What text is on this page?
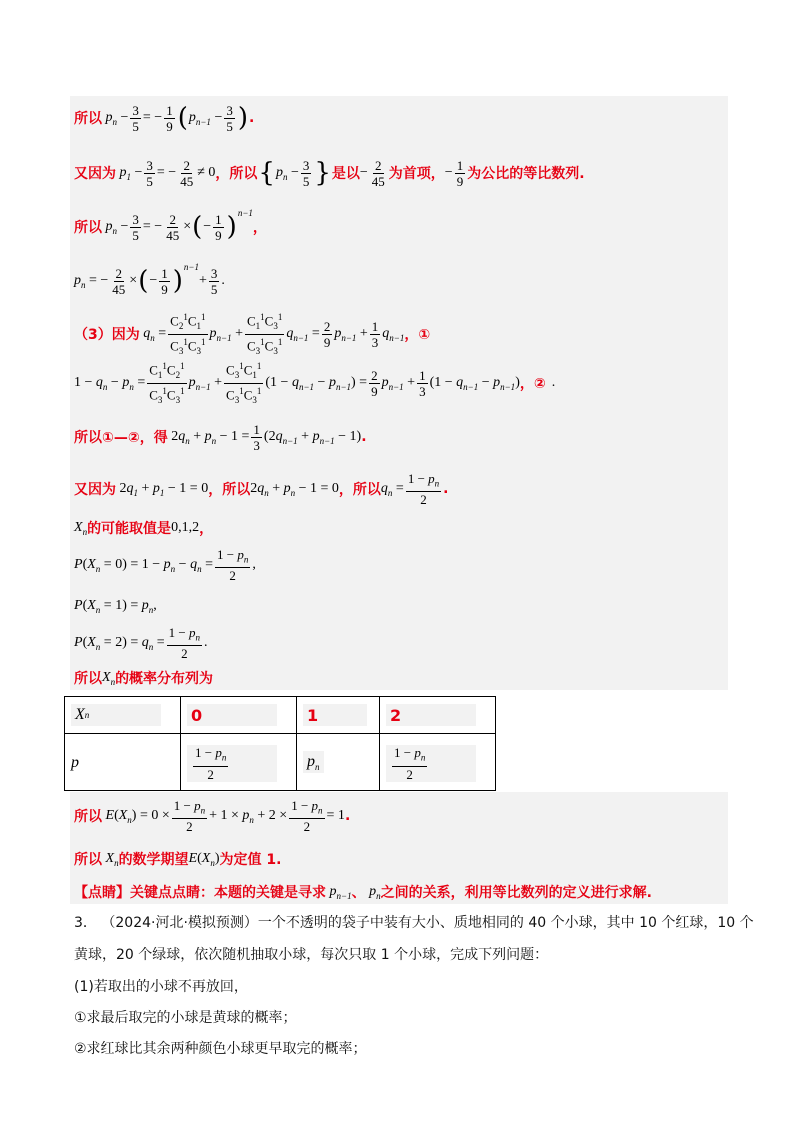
所以 $p_n - \frac{3}{5}$ = − $\frac{1}{9}$ ( $p_{n-1} - \frac{3}{5}$ ) .
又因为 $p_1 - \frac{3}{5}$ = − $\frac{2}{45} \ne 0$ ，所以 { $p_n - \frac{3}{5}$ } 是以 − $\frac{2}{45}$ 为首项， − $\frac{1}{9}$ 为公比的等比数列.
所以 $p_n - \frac{3}{5}$ = − $\frac{2}{45}$ × ( − $\frac{1}{9} )^{n-1}$
，
$p_n$ = − $\frac{2}{45}$ × ( − $\frac{1}{9} )^{n-1}$
+ $\frac{3}{5}$ .
（3）因为 $q_n = \frac{C_2^1C_1^1}{C_3^1C_3^1} p_{n-1} + \frac{C_1^1C_3^1}{C_3^1C_3^1} q_{n-1} = \frac{2}{9} p_{n-1} + \frac{1}{3} q_{n-1}$ ，①
$1 - q_n - p_n = \frac{C_1^1C_2^1}{C_3^1C_3^1} p_{n-1} + \frac{C_3^1C_1^1}{C_3^1C_3^1} (1 - q_{n-1} - p_{n-1}$ ) = $\frac{2}{9} p_{n-1} + \frac{1}{3} (1 - q_{n-1} - p_{n-1}$ ) ，② .
所以①—②，得 2 $q_n + p_n - 1 = \frac{1}{3} (2$ $q_{n-1} + p_{n-1} - 1$) .
又因为 2 $q_1 + p_1 - 1 = 0$ ，所以 2 $q_n + p_n - 1 = 0$ ，所以 $q_n = \frac{1 - p_n}{2}$ .
$X_n$ 的可能取值是 0,1,2 ，
P ( $X_n = 0) = 1 - p_n - q_n = \frac{1 - p_n}{2}$ ,
P ( $X_n = 1) = p_n$ ,
P ( $X_n = 2) = q_n = \frac{1 - p_n}{2}$ .
所以 $X_n$ 的概率分布列为
X n	0	1	2
p	$\frac{1 - p_n}{2}$	$p_n$	$\frac{1 - p_n}{2}$
所以 E ( $X_n$ ) = $0 \times \frac{1 - p_n}{2} + 1 \times p_n + 2 \times \frac{1 - p_n}{2} = 1$ .
所以 $X_n$ 的数学期望 E ( $X_n$ ) 为定值 1.
【点睛】 关键点点睛：本题的关键是寻求 $p_{n-1}$ 、 $p_n$ 之间的关系，利用等比数列的定义进行求解.
3． （2024·河北·模拟预测）一个不透明的袋子中装有大小、质地相同的 40 个小球，其中 10 个红球，10 个
黄球，20 个绿球，依次随机抽取小球，每次只取 1 个小球，完成下列问题：
(1)若取出的小球不再放回，
①求最后取完的小球是黄球的概率；
②求红球比其余两种颜色小球更早取完的概率；
